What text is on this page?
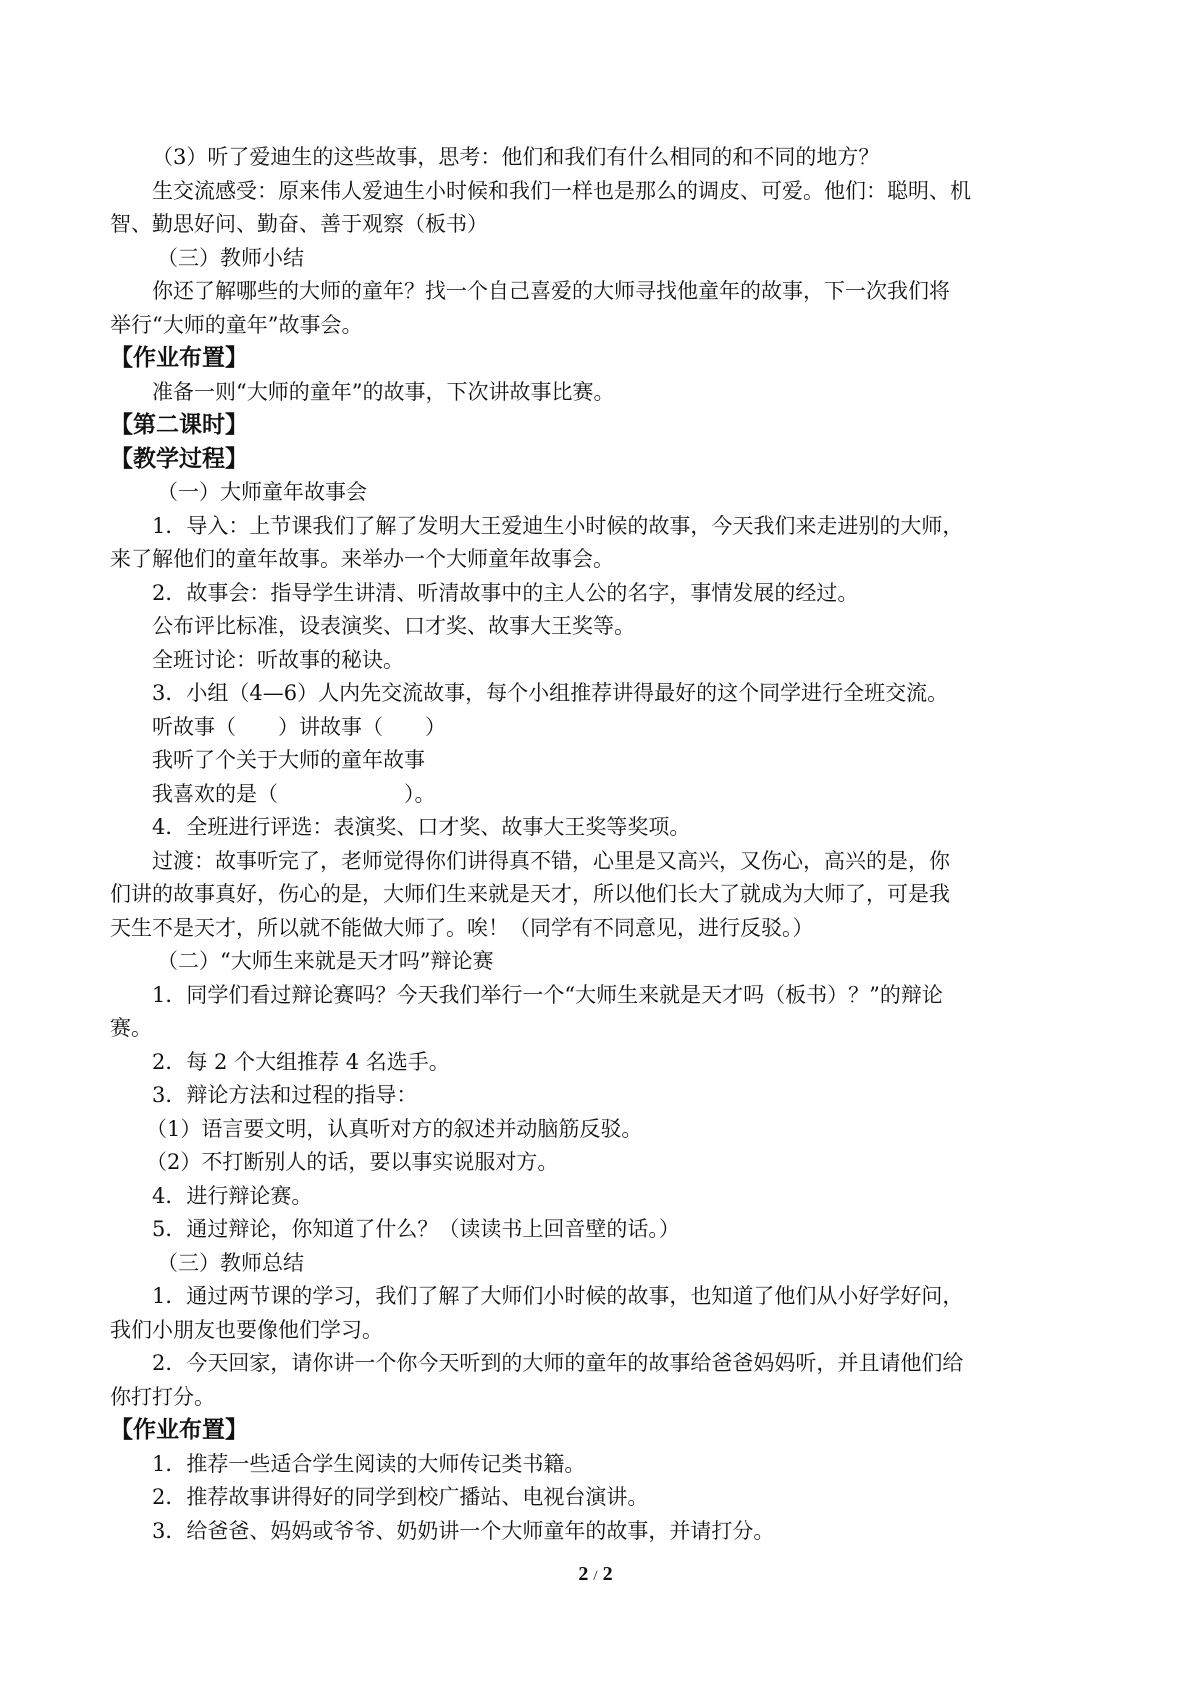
（3）听了爱迪生的这些故事，思考：他们和我们有什么相同的和不同的地方？
生交流感受：原来伟人爱迪生小时候和我们一样也是那么的调皮、可爱。他们：聪明、机
智、勤思好问、勤奋、善于观察（板书）
（三）教师小结
你还了解哪些的大师的童年？找一个自己喜爱的大师寻找他童年的故事，下一次我们将
举行“大师的童年”故事会。
【作业布置】
准备一则“大师的童年”的故事，下次讲故事比赛。
【第二课时】
【教学过程】
（一）大师童年故事会
1．导入：上节课我们了解了发明大王爱迪生小时候的故事，今天我们来走进别的大师，
来了解他们的童年故事。来举办一个大师童年故事会。
2．故事会：指导学生讲清、听清故事中的主人公的名字，事情发展的经过。
公布评比标准，设表演奖、口才奖、故事大王奖等。
全班讨论：听故事的秘诀。
3．小组（4—6）人内先交流故事，每个小组推荐讲得最好的这个同学进行全班交流。
听故事（　　）讲故事（　　）
我听了个关于大师的童年故事
我喜欢的是（　　　　　　）。
4．全班进行评选：表演奖、口才奖、故事大王奖等奖项。
过渡：故事听完了，老师觉得你们讲得真不错，心里是又高兴，又伤心，高兴的是，你
们讲的故事真好，伤心的是，大师们生来就是天才，所以他们长大了就成为大师了，可是我
天生不是天才，所以就不能做大师了。唉！（同学有不同意见，进行反驳。）
（二）“大师生来就是天才吗”辩论赛
1．同学们看过辩论赛吗？今天我们举行一个“大师生来就是天才吗（板书）？”的辩论
赛。
2．每 2 个大组推荐 4 名选手。
3．辩论方法和过程的指导：
（1）语言要文明，认真听对方的叙述并动脑筋反驳。
（2）不打断别人的话，要以事实说服对方。
4．进行辩论赛。
5．通过辩论，你知道了什么？（读读书上回音壁的话。）
（三）教师总结
1．通过两节课的学习，我们了解了大师们小时候的故事，也知道了他们从小好学好问，
我们小朋友也要像他们学习。
2．今天回家，请你讲一个你今天听到的大师的童年的故事给爸爸妈妈听，并且请他们给
你打打分。
【作业布置】
1．推荐一些适合学生阅读的大师传记类书籍。
2．推荐故事讲得好的同学到校广播站、电视台演讲。
3．给爸爸、妈妈或爷爷、奶奶讲一个大师童年的故事，并请打分。
2 / 2
